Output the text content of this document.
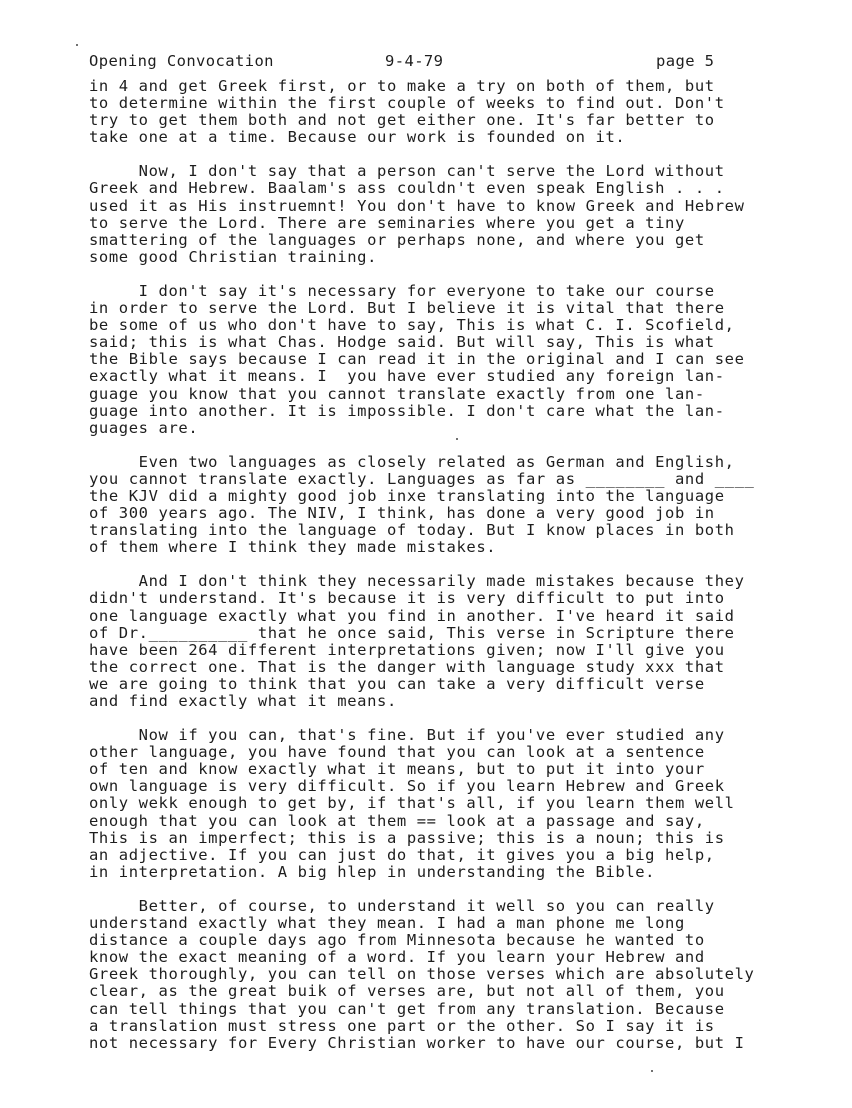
Opening Convocation	9-4-79	page 5
in 4 and get Greek first, or to make a try on both of them, but
to determine within the first couple of weeks to find out. Don't
try to get them both and not get either one. It's far better to
take one at a time. Because our work is founded on it.
Now, I don't say that a person can't serve the Lord without
Greek and Hebrew. Baalam's ass couldn't even speak English . . .
used it as His instruemnt! You don't have to know Greek and Hebrew
to serve the Lord. There are seminaries where you get a tiny
smattering of the languages or perhaps none, and where you get
some good Christian training.
I don't say it's necessary for everyone to take our course
in order to serve the Lord. But I believe it is vital that there
be some of us who don't have to say, This is what C. I. Scofield,
said; this is what Chas. Hodge said. But will say, This is what
the Bible says because I can read it in the original and I can see
exactly what it means. I  you have ever studied any foreign lan-
guage you know that you cannot translate exactly from one lan-
guage into another. It is impossible. I don't care what the lan-
guages are.
Even two languages as closely related as German and English,
you cannot translate exactly. Languages as far as ________ and ____
the KJV did a mighty good job inxe translating into the language
of 300 years ago. The NIV, I think, has done a very good job in
translating into the language of today. But I know places in both
of them where I think they made mistakes.
And I don't think they necessarily made mistakes because they
didn't understand. It's because it is very difficult to put into
one language exactly what you find in another. I've heard it said
of Dr.__________ that he once said, This verse in Scripture there
have been 264 different interpretations given; now I'll give you
the correct one. That is the danger with language study xxx that
we are going to think that you can take a very difficult verse
and find exactly what it means.
Now if you can, that's fine. But if you've ever studied any
other language, you have found that you can look at a sentence
of ten and know exactly what it means, but to put it into your
own language is very difficult. So if you learn Hebrew and Greek
only wekk enough to get by, if that's all, if you learn them well
enough that you can look at them == look at a passage and say,
This is an imperfect; this is a passive; this is a noun; this is
an adjective. If you can just do that, it gives you a big help,
in interpretation. A big hlep in understanding the Bible.
Better, of course, to understand it well so you can really
understand exactly what they mean. I had a man phone me long
distance a couple days ago from Minnesota because he wanted to
know the exact meaning of a word. If you learn your Hebrew and
Greek thoroughly, you can tell on those verses which are absolutely
clear, as the great buik of verses are, but not all of them, you
can tell things that you can't get from any translation. Because
a translation must stress one part or the other. So I say it is
not necessary for Every Christian worker to have our course, but I
